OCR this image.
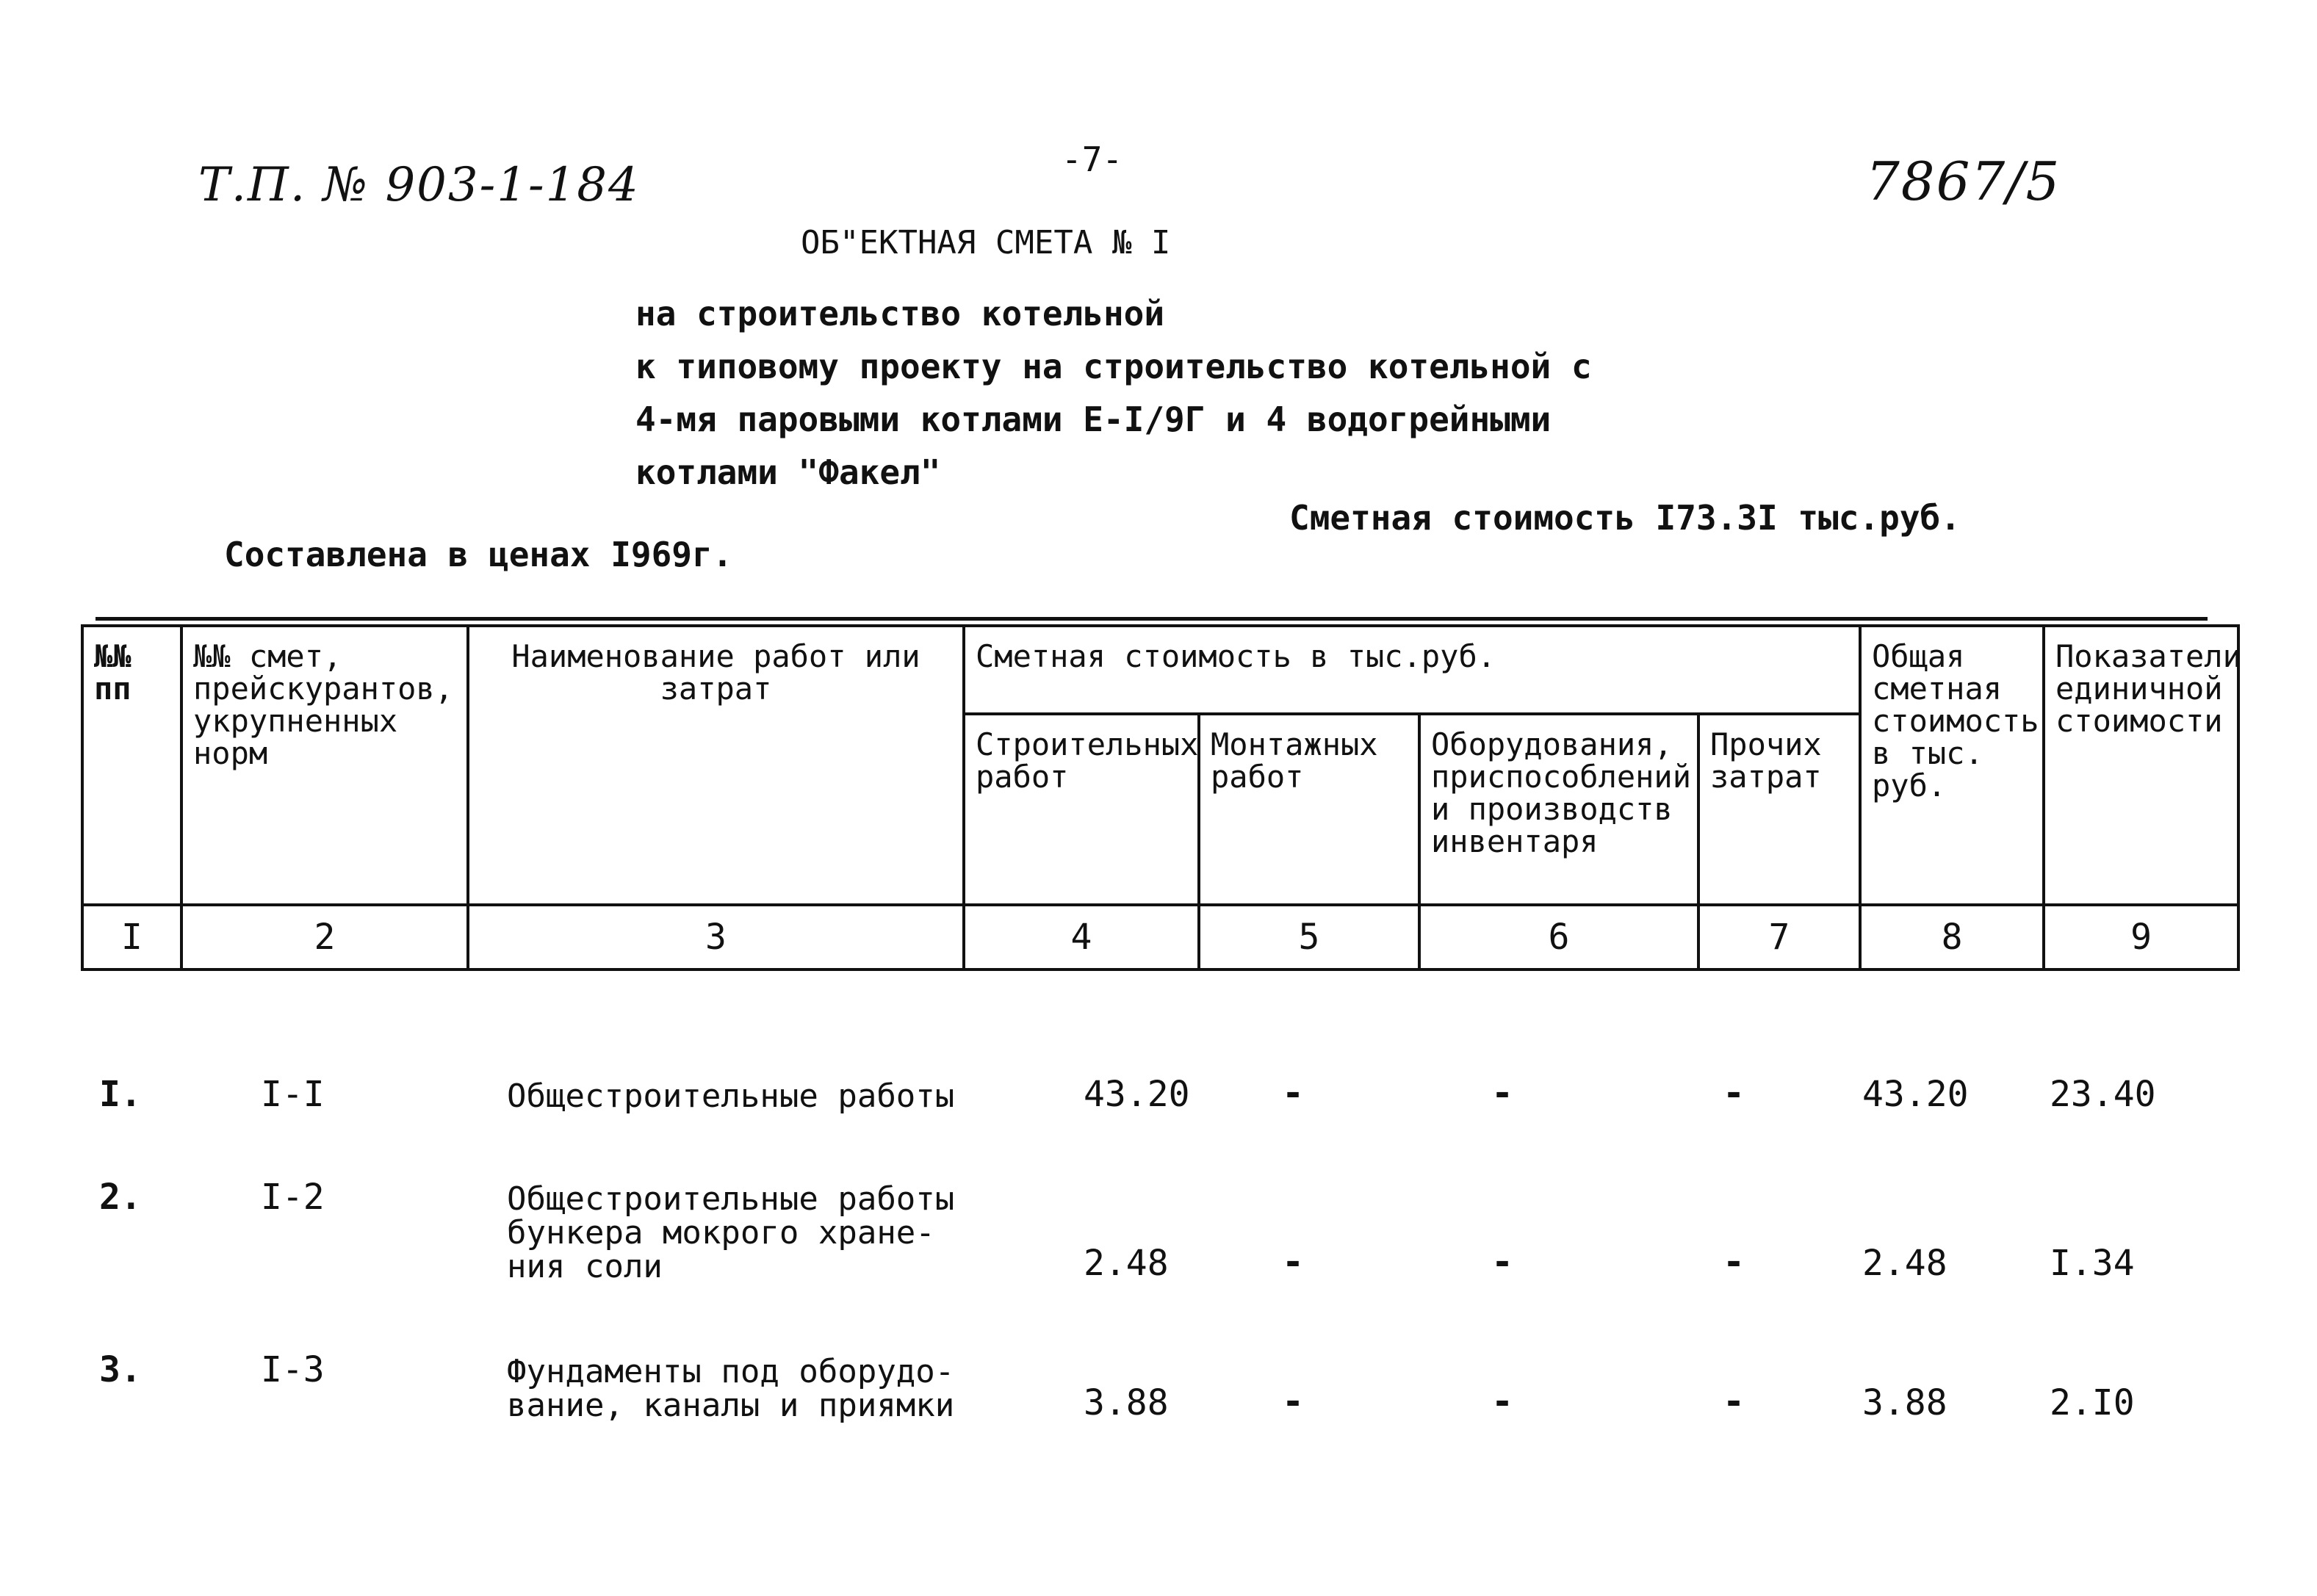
Т.П. № 903-1-184	-7-	7867/5
ОБ"ЕКТНАЯ СМЕТА № I
на строительство котельной
к типовому проекту на строительство котельной с
4-мя паровыми котлами Е-I/9Г и 4 водогрейными
котлами "Факел"
Сметная стоимость I73.3I тыс.руб.
Составлена в ценах I969г.
№№ пп	№№ смет, прейскурантов, укрупненных норм	Наименование работ или затрат	Сметная стоимость в тыс.руб.				Общая сметная стоимость в тыс. руб.	Показатели единичной стоимости
			Строительных работ	Монтажных работ	Оборудования, приспособлений и производств инвентаря	Прочих затрат		
I	2	3	4	5	6	7	8	9
I.	I-I	Общестроительные работы	43.20	-	-	-	43.20 23.40
2.	I-2	Общестроительные работы
бункера мокрого хране-
ния соли	2.48	-	-	-	2.48	I.34
3.	I-3	Фундаменты под оборудо-
вание, каналы и приямки	3.88	-	-	-	3.88	2.I0
